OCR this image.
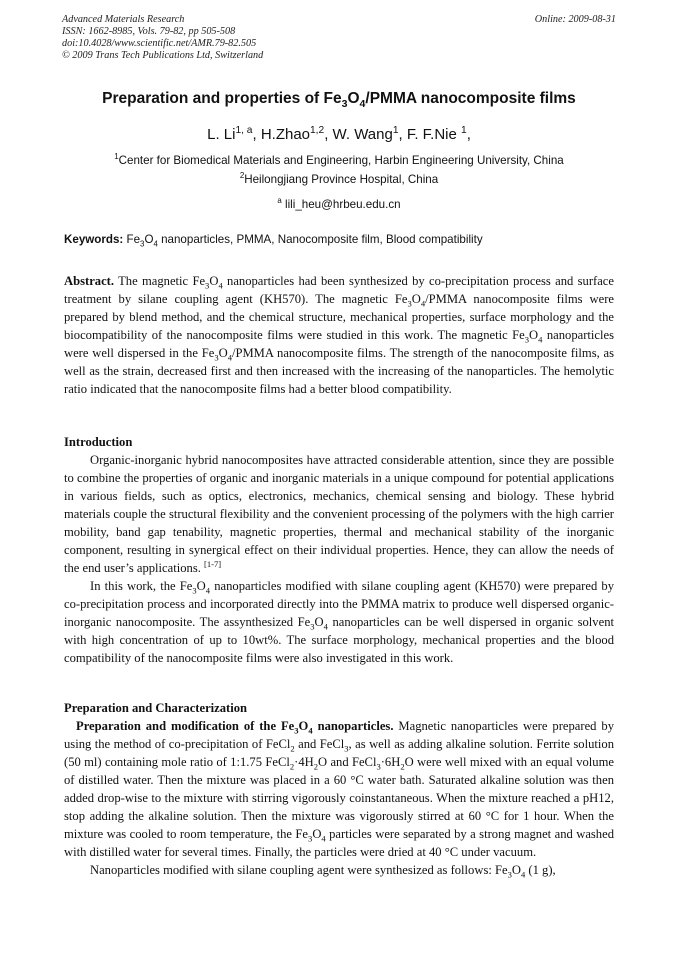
Advanced Materials Research
ISSN: 1662-8985, Vols. 79-82, pp 505-508
doi:10.4028/www.scientific.net/AMR.79-82.505
© 2009 Trans Tech Publications Ltd, Switzerland
Online: 2009-08-31
Preparation and properties of $Fe_3O_4$/PMMA nanocomposite films
L. Li$^{1, a}$, H.Zhao$^{1,2}$, W. Wang$^1$, F. F.Nie $^1$,
$^1$Center for Biomedical Materials and Engineering, Harbin Engineering University, China
$^2$Heilongjiang Province Hospital, China
$^a$ lili_heu@hrbeu.edu.cn
Keywords: $Fe_3O_4$ nanoparticles, PMMA, Nanocomposite film, Blood compatibility

Abstract. The magnetic $Fe_3O_4$ nanoparticles had been synthesized by co-precipitation process and surface treatment by silane coupling agent (KH570). The magnetic $Fe_3O_4$/PMMA nanocomposite films were prepared by blend method, and the chemical structure, mechanical properties, surface morphology and the biocompatibility of the nanocomposite films were studied in this work. The magnetic $Fe_3O_4$ nanoparticles were well dispersed in the $Fe_3O_4$/PMMA nanocomposite films. The strength of the nanocomposite films, as well as the strain, decreased first and then increased with the increasing of the nanoparticles. The hemolytic ratio indicated that the nanocomposite films had a better blood compatibility.

Introduction

Organic-inorganic hybrid nanocomposites have attracted considerable attention, since they are possible to combine the properties of organic and inorganic materials in a unique compound for potential applications in various fields, such as optics, electronics, mechanics, chemical sensing and biology. These hybrid materials couple the structural flexibility and the convenient processing of the polymers with the high carrier mobility, band gap tenability, magnetic properties, thermal and mechanical stability of the inorganic component, resulting in synergical effect on their individual properties. Hence, they can allow the needs of the end user’s applications. [1-7]

In this work, the $Fe_3O_4$ nanoparticles modified with silane coupling agent (KH570) were prepared by co-precipitation process and incorporated directly into the PMMA matrix to produce well dispersed organic-inorganic nanocomposite. The assynthesized $Fe_3O_4$ nanoparticles can be well dispersed in organic solvent with high concentration of up to 10wt%. The surface morphology, mechanical properties and the blood compatibility of the nanocomposite films were also investigated in this work.

Preparation and Characterization

Preparation and modification of the $Fe_3O_4$ nanoparticles. Magnetic nanoparticles were prepared by using the method of co-precipitation of FeCl$_2$ and FeCl$_3$, as well as adding alkaline solution. Ferrite solution (50 ml) containing mole ratio of 1:1.75 $FeCl_2\cdot 4H_2O$ and $FeCl_3\cdot 6H_2O$ were well mixed with an equal volume of distilled water. Then the mixture was placed in a 60 °C water bath. Saturated alkaline solution was then added drop-wise to the mixture with stirring vigorously coinstantaneous. When the mixture reached a pH12, stop adding the alkaline solution. Then the mixture was vigorously stirred at 60 °C for 1 hour. When the mixture was cooled to room temperature, the $Fe_3O_4$ particles were separated by a strong magnet and washed with distilled water for several times. Finally, the particles were dried at 40 °C under vacuum.

Nanoparticles modified with silane coupling agent were synthesized as follows: $Fe_3O_4$ (1 g),
